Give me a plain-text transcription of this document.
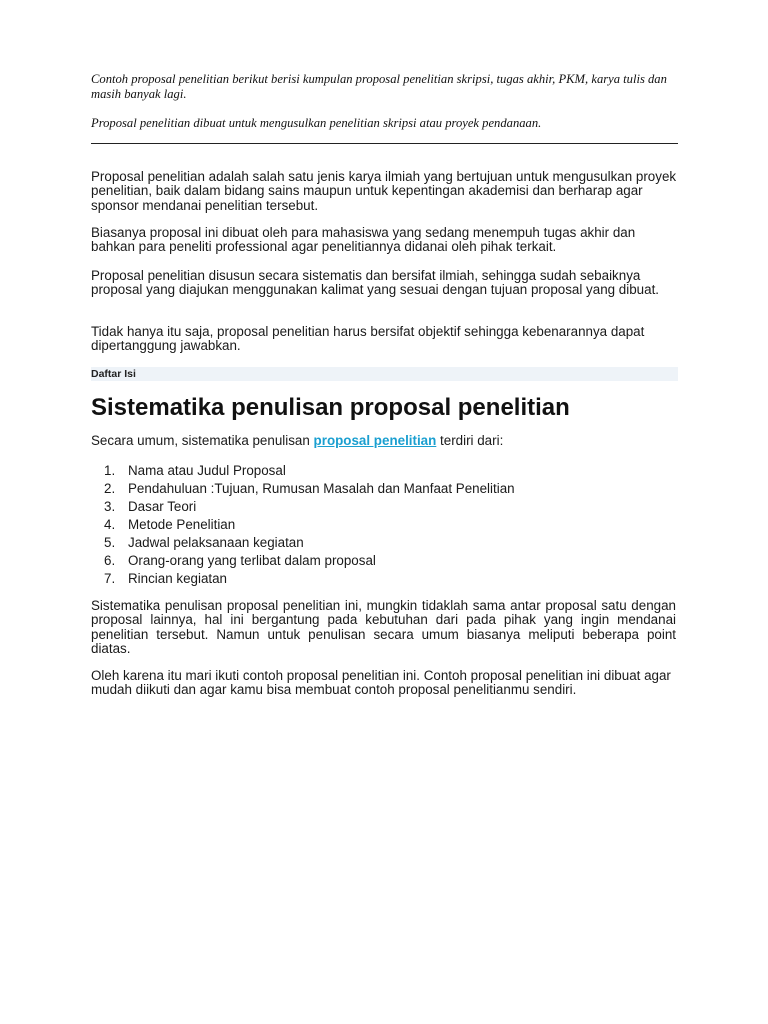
Contoh proposal penelitian berikut berisi kumpulan proposal penelitian skripsi, tugas akhir, PKM, karya tulis dan masih banyak lagi.
Proposal penelitian dibuat untuk mengusulkan penelitian skripsi atau proyek pendanaan.
Proposal penelitian adalah salah satu jenis karya ilmiah yang bertujuan untuk mengusulkan proyek penelitian, baik dalam bidang sains maupun untuk kepentingan akademisi dan berharap agar sponsor mendanai penelitian tersebut.
Biasanya proposal ini dibuat oleh para mahasiswa yang sedang menempuh tugas akhir dan bahkan para peneliti professional agar penelitiannya didanai oleh pihak terkait.
Proposal penelitian disusun secara sistematis dan bersifat ilmiah, sehingga sudah sebaiknya proposal yang diajukan menggunakan kalimat yang sesuai dengan tujuan proposal yang dibuat.
Tidak hanya itu saja, proposal penelitian harus bersifat objektif sehingga kebenarannya dapat dipertanggung jawabkan.
Daftar Isi
Sistematika penulisan proposal penelitian
Secara umum, sistematika penulisan proposal penelitian terdiri dari:
1. Nama atau Judul Proposal
2. Pendahuluan :Tujuan, Rumusan Masalah dan Manfaat Penelitian
3. Dasar Teori
4. Metode Penelitian
5. Jadwal pelaksanaan kegiatan
6. Orang-orang yang terlibat dalam proposal
7. Rincian kegiatan
Sistematika penulisan proposal penelitian ini, mungkin tidaklah sama antar proposal satu dengan proposal lainnya, hal ini bergantung pada kebutuhan dari pada pihak yang ingin mendanai penelitian tersebut. Namun untuk penulisan secara umum biasanya meliputi beberapa point diatas.
Oleh karena itu mari ikuti contoh proposal penelitian ini. Contoh proposal penelitian ini dibuat agar mudah diikuti dan agar kamu bisa membuat contoh proposal penelitianmu sendiri.
